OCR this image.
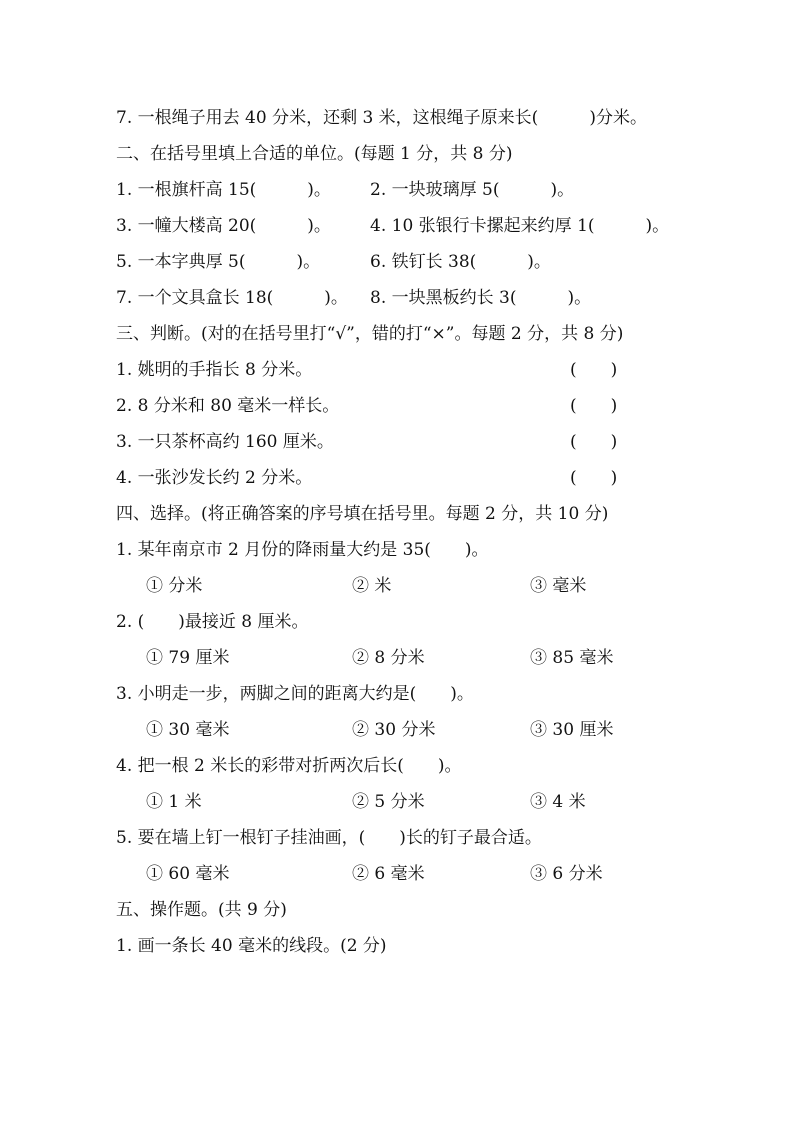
7. 一根绳子用去 40 分米，还剩 3 米，这根绳子原来长(　　　)分米。
二、在括号里填上合适的单位。(每题 1 分，共 8 分)
1. 一根旗杆高 15(　　　)。 2. 一块玻璃厚 5(　　　)。
3. 一幢大楼高 20(　　　)。 4. 10 张银行卡摞起来约厚 1(　　　)。
5. 一本字典厚 5(　　　)。	6. 铁钉长 38(　　　)。
7. 一个文具盒长 18(　　　)。 8. 一块黑板约长 3(　　　)。
三、判断。(对的在括号里打“√”，错的打“×”。每题 2 分，共 8 分)
1. 姚明的手指长 8 分米。	(　　)
2. 8 分米和 80 毫米一样长。	(　　)
3. 一只茶杯高约 160 厘米。	(　　)
4. 一张沙发长约 2 分米。	(　　)
四、选择。(将正确答案的序号填在括号里。每题 2 分，共 10 分)
1. 某年南京市 2 月份的降雨量大约是 35(　　)。
① 分米	② 米	③ 毫米
2. (　　)最接近 8 厘米。
① 79 厘米	② 8 分米	③ 85 毫米
3. 小明走一步，两脚之间的距离大约是(　　)。
① 30 毫米	② 30 分米	③ 30 厘米
4. 把一根 2 米长的彩带对折两次后长(　　)。
① 1 米	② 5 分米	③ 4 米
5. 要在墙上钉一根钉子挂油画，(　　)长的钉子最合适。
① 60 毫米	② 6 毫米	③ 6 分米
五、操作题。(共 9 分)
1. 画一条长 40 毫米的线段。(2 分)
